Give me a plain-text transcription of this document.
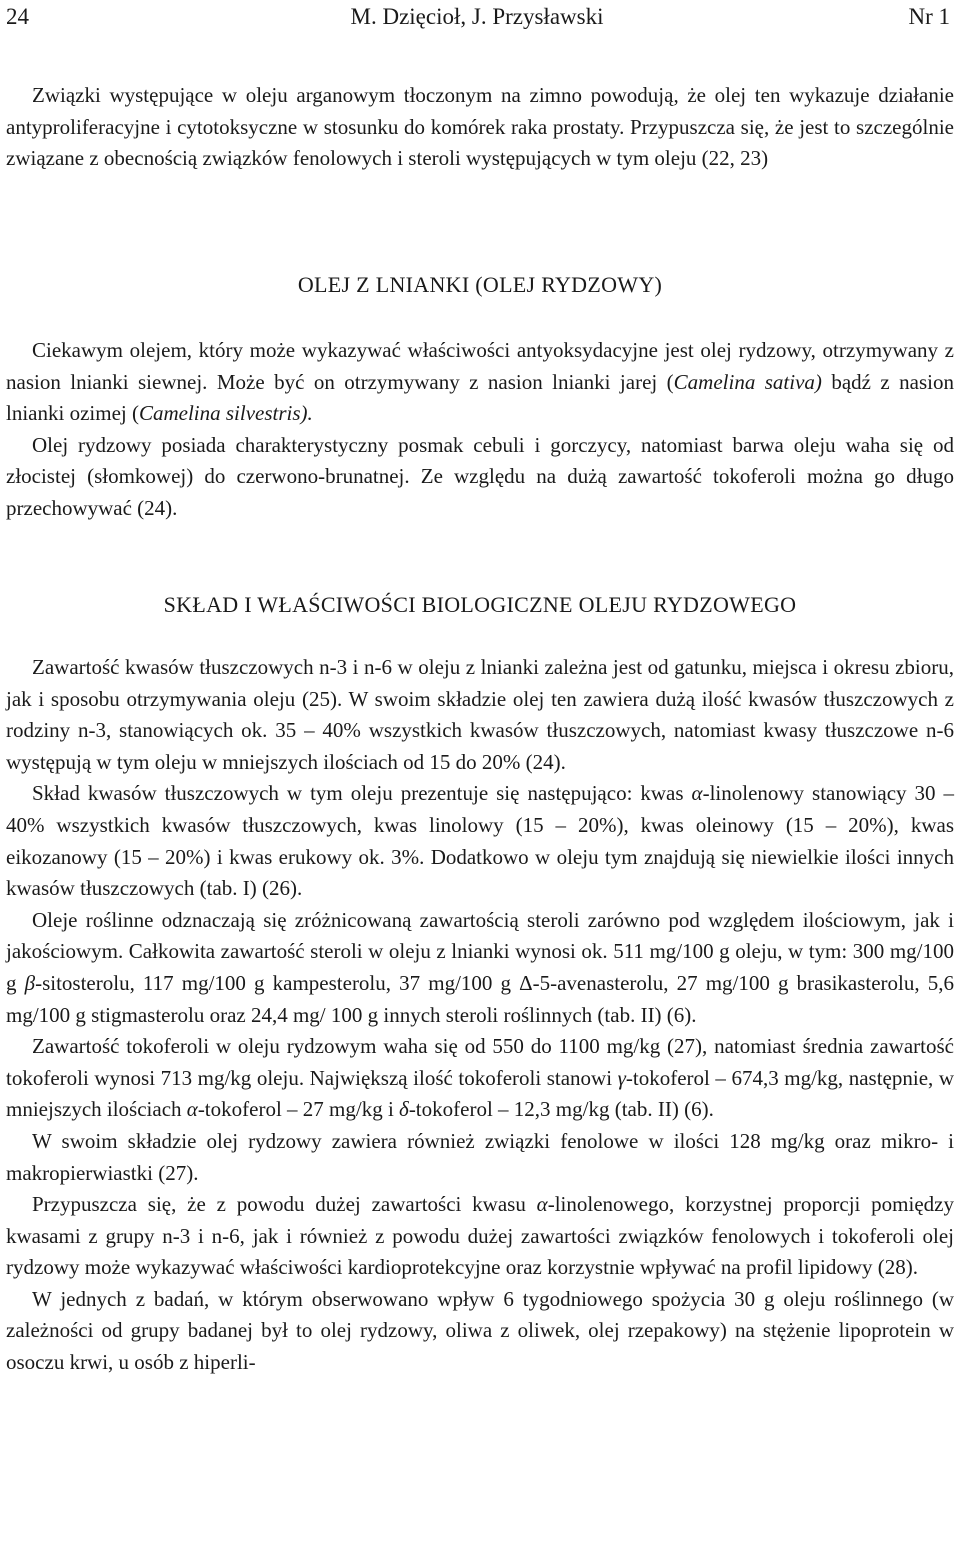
24	M. Dzięcioł, J. Przysławski	Nr 1

Związki występujące w oleju arganowym tłoczonym na zimno powodują, że olej ten wykazuje działanie antyproliferacyjne i cytotoksyczne w stosunku do komórek raka prostaty. Przypuszcza się, że jest to szczególnie związane z obecnością związków fenolowych i steroli występujących w tym oleju (22, 23)

OLEJ Z LNIANKI (OLEJ RYDZOWY)

Ciekawym olejem, który może wykazywać właściwości antyoksydacyjne jest olej rydzowy, otrzymywany z nasion lnianki siewnej. Może być on otrzymywany z nasion lnianki jarej (Camelina sativa) bądź z nasion lnianki ozimej (Camelina silvestris).

Olej rydzowy posiada charakterystyczny posmak cebuli i gorczycy, natomiast barwa oleju waha się od złocistej (słomkowej) do czerwono-brunatnej. Ze względu na dużą zawartość tokoferoli można go długo przechowywać (24).

SKŁAD I WŁAŚCIWOŚCI BIOLOGICZNE OLEJU RYDZOWEGO

Zawartość kwasów tłuszczowych n-3 i n-6 w oleju z lnianki zależna jest od gatunku, miejsca i okresu zbioru, jak i sposobu otrzymywania oleju (25). W swoim składzie olej ten zawiera dużą ilość kwasów tłuszczowych z rodziny n-3, stanowiących ok. 35 – 40% wszystkich kwasów tłuszczowych, natomiast kwasy tłuszczowe n-6 występują w tym oleju w mniejszych ilościach od 15 do 20% (24).

Skład kwasów tłuszczowych w tym oleju prezentuje się następująco: kwas α-linolenowy stanowiący 30 – 40% wszystkich kwasów tłuszczowych, kwas linolowy (15 – 20%), kwas oleinowy (15 – 20%), kwas eikozanowy (15 – 20%) i kwas erukowy ok. 3%. Dodatkowo w oleju tym znajdują się niewielkie ilości innych kwasów tłuszczowych (tab. I) (26).

Oleje roślinne odznaczają się zróżnicowaną zawartością steroli zarówno pod względem ilościowym, jak i jakościowym. Całkowita zawartość steroli w oleju z lnianki wynosi ok. 511 mg/100 g oleju, w tym: 300 mg/100 g β-sitosterolu, 117 mg/100 g kampesterolu, 37 mg/100 g Δ-5-avenasterolu, 27 mg/100 g brasikasterolu, 5,6 mg/100 g stigmasterolu oraz 24,4 mg/ 100 g innych steroli roślinnych (tab. II) (6).

Zawartość tokoferoli w oleju rydzowym waha się od 550 do 1100 mg/kg (27), natomiast średnia zawartość tokoferoli wynosi 713 mg/kg oleju. Największą ilość tokoferoli stanowi γ-tokoferol – 674,3 mg/kg, następnie, w mniejszych ilościach α-tokoferol – 27 mg/kg i δ-tokoferol – 12,3 mg/kg (tab. II) (6).

W swoim składzie olej rydzowy zawiera również związki fenolowe w ilości 128 mg/kg oraz mikro- i makropierwiastki (27).

Przypuszcza się, że z powodu dużej zawartości kwasu α-linolenowego, korzystnej proporcji pomiędzy kwasami z grupy n-3 i n-6, jak i również z powodu dużej zawartości związków fenolowych i tokoferoli olej rydzowy może wykazywać właściwości kardioprotekcyjne oraz korzystnie wpływać na profil lipidowy (28).

W jednych z badań, w którym obserwowano wpływ 6 tygodniowego spożycia 30 g oleju roślinnego (w zależności od grupy badanej był to olej rydzowy, oliwa z oliwek, olej rzepakowy) na stężenie lipoprotein w osoczu krwi, u osób z hiperli-
